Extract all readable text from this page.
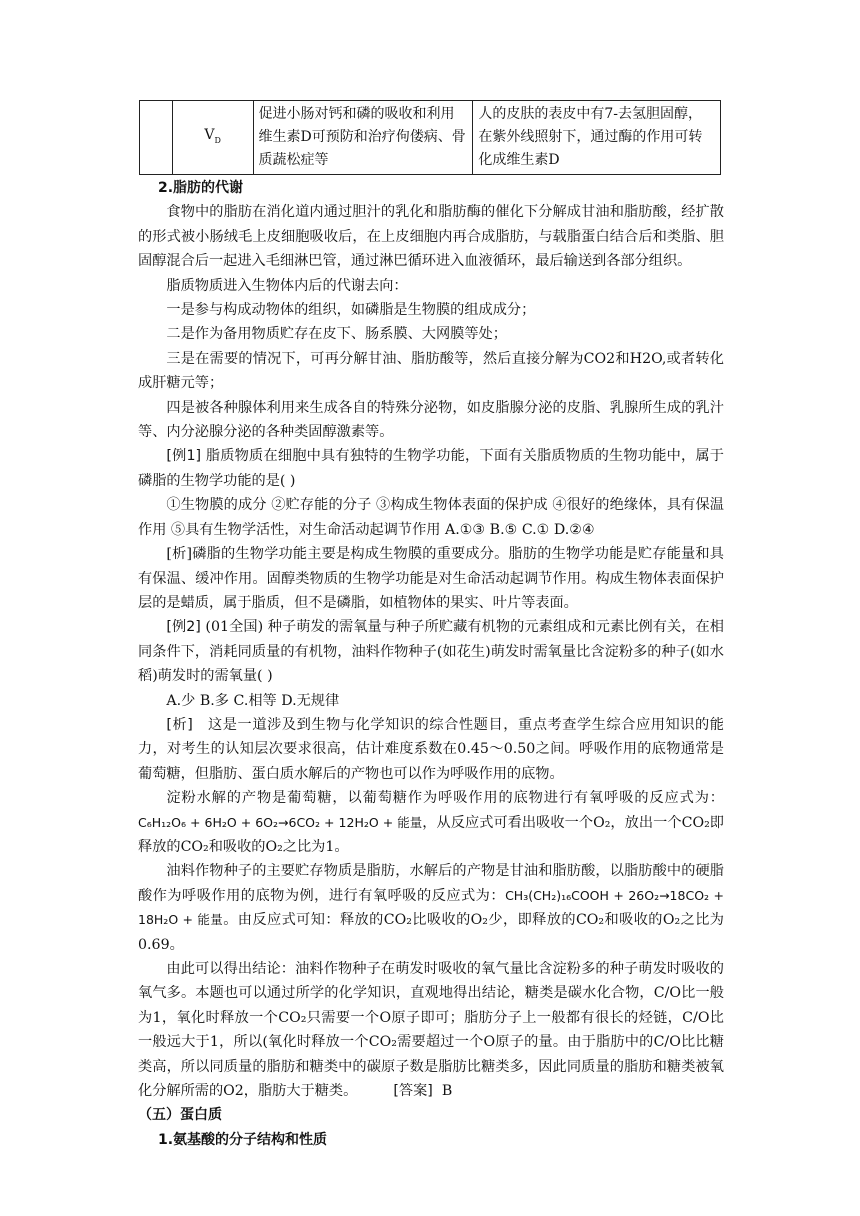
	$V_D$	促进小肠对钙和磷的吸收和利用维生素D可预防和治疗佝偻病、骨质蔬松症等	人的皮肤的表皮中有7-去氢胆固醇，在紫外线照射下，通过酶的作用可转化成维生素D

2.脂肪的代谢

食物中的脂肪在消化道内通过胆汁的乳化和脂肪酶的催化下分解成甘油和脂肪酸，经扩散的形式被小肠绒毛上皮细胞吸收后，在上皮细胞内再合成脂肪，与载脂蛋白结合后和类脂、胆固醇混合后一起进入毛细淋巴管，通过淋巴循环进入血液循环，最后输送到各部分组织。

脂质物质进入生物体内后的代谢去向：

一是参与构成动物体的组织，如磷脂是生物膜的组成成分；

二是作为备用物质贮存在皮下、肠系膜、大网膜等处；

三是在需要的情况下，可再分解甘油、脂肪酸等，然后直接分解为CO2和H2O,或者转化成肝糖元等；

四是被各种腺体利用来生成各自的特殊分泌物，如皮脂腺分泌的皮脂、乳腺所生成的乳汁等、内分泌腺分泌的各种类固醇激素等。

[例1] 脂质物质在细胞中具有独特的生物学功能，下面有关脂质物质的生物功能中，属于磷脂的生物学功能的是( )

①生物膜的成分 ②贮存能的分子 ③构成生物体表面的保护成 ④很好的绝缘体，具有保温作用 ⑤具有生物学活性，对生命活动起调节作用 A.①③ B.⑤ C.① D.②④

[析]磷脂的生物学功能主要是构成生物膜的重要成分。脂肪的生物学功能是贮存能量和具有保温、缓冲作用。固醇类物质的生物学功能是对生命活动起调节作用。构成生物体表面保护层的是蜡质，属于脂质，但不是磷脂，如植物体的果实、叶片等表面。

[例2] (01全国) 种子萌发的需氧量与种子所贮藏有机物的元素组成和元素比例有关，在相同条件下，消耗同质量的有机物，油料作物种子(如花生)萌发时需氧量比含淀粉多的种子(如水稻)萌发时的需氧量( )

A.少 B.多 C.相等 D.无规律

[析] 这是一道涉及到生物与化学知识的综合性题目，重点考查学生综合应用知识的能力，对考生的认知层次要求很高，估计难度系数在0.45～0.50之间。呼吸作用的底物通常是葡萄糖，但脂肪、蛋白质水解后的产物也可以作为呼吸作用的底物。

淀粉水解的产物是葡萄糖，以葡萄糖作为呼吸作用的底物进行有氧呼吸的反应式为：C₆H₁₂O₆ + 6H₂O + 6O₂→6CO₂ + 12H₂O + 能量，从反应式可看出吸收一个O₂，放出一个CO₂即释放的CO₂和吸收的O₂之比为1。

油料作物种子的主要贮存物质是脂肪，水解后的产物是甘油和脂肪酸，以脂肪酸中的硬脂酸作为呼吸作用的底物为例，进行有氧呼吸的反应式为：CH₃(CH₂)₁₆COOH + 26O₂→18CO₂ + 18H₂O + 能量。由反应式可知：释放的CO₂比吸收的O₂少，即释放的CO₂和吸收的O₂之比为0.69。

由此可以得出结论：油料作物种子在萌发时吸收的氧气量比含淀粉多的种子萌发时吸收的氧气多。本题也可以通过所学的化学知识，直观地得出结论，糖类是碳水化合物，C/O比一般为1，氧化时释放一个CO₂只需要一个O原子即可；脂肪分子上一般都有很长的烃链，C/O比一般远大于1，所以(氧化时释放一个CO₂需要超过一个O原子的量。由于脂肪中的C/O比比糖类高，所以同质量的脂肪和糖类中的碳原子数是脂肪比糖类多，因此同质量的脂肪和糖类被氧化分解所需的O2，脂肪大于糖类。	[答案] B

（五）蛋白质

1.氨基酸的分子结构和性质
